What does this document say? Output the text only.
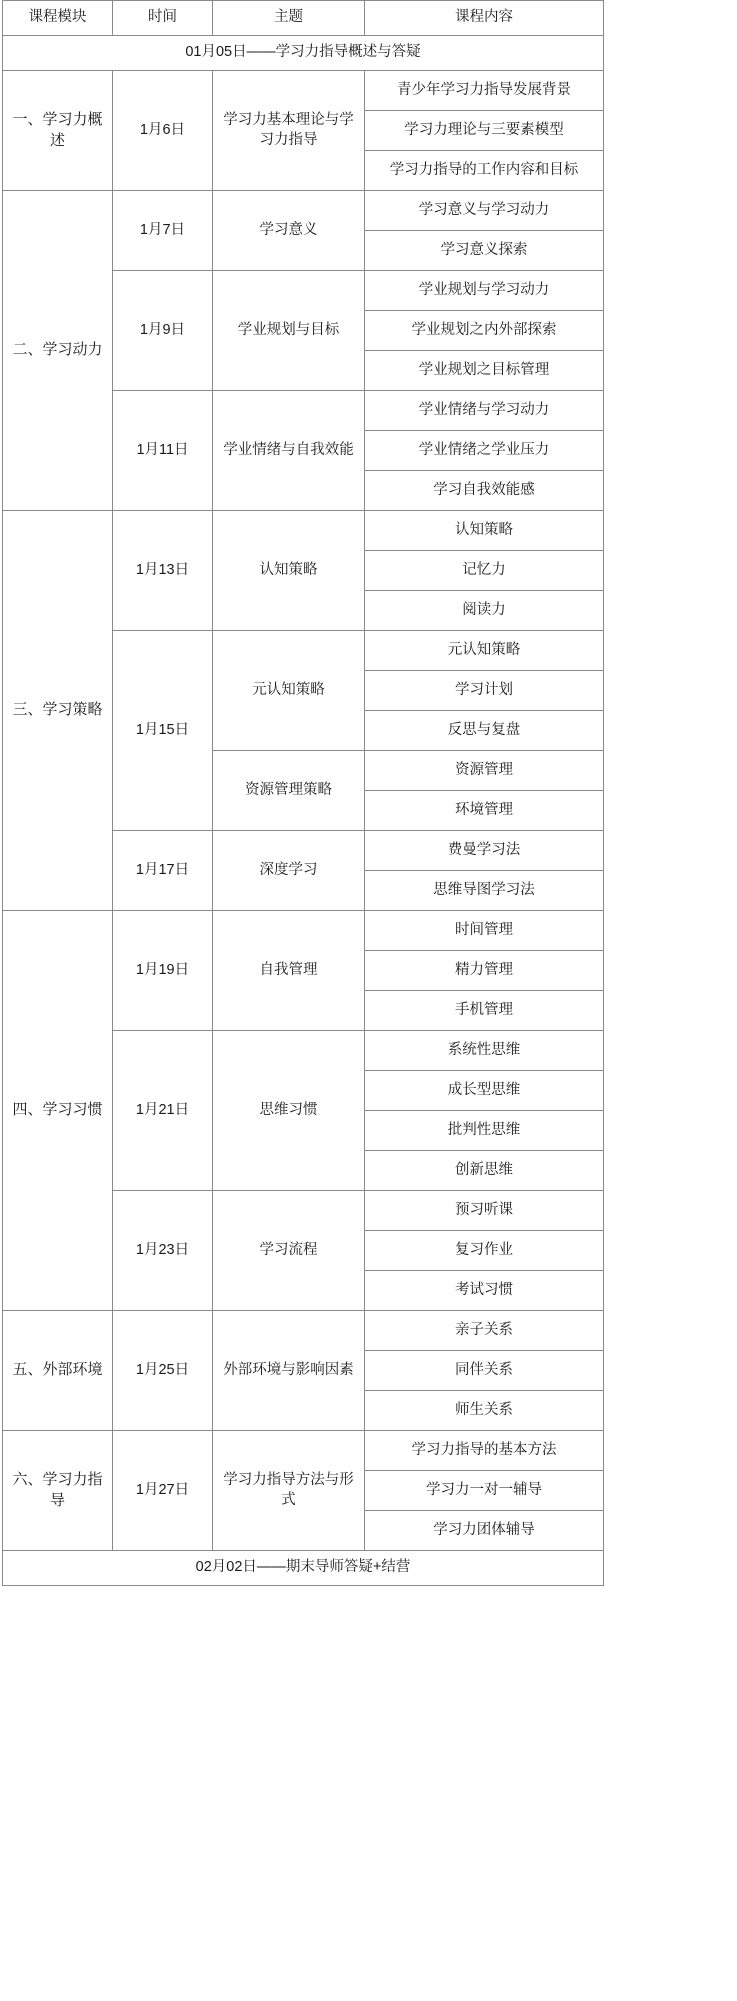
课程模块	时间	主题	课程内容
01月05日——学习力指导概述与答疑			
一、学习力概述	1月6日	学习力基本理论与学习力指导	青少年学习力指导发展背景
			学习力理论与三要素模型
			学习力指导的工作内容和目标
二、学习动力	1月7日	学习意义	学习意义与学习动力
			学习意义探索
	1月9日	学业规划与目标	学业规划与学习动力
			学业规划之内外部探索
			学业规划之目标管理
	1月11日	学业情绪与自我效能	学业情绪与学习动力
			学业情绪之学业压力
			学习自我效能感
三、学习策略	1月13日	认知策略	认知策略
			记忆力
			阅读力
	1月15日	元认知策略	元认知策略
			学习计划
			反思与复盘
		资源管理策略	资源管理
			环境管理
	1月17日	深度学习	费曼学习法
			思维导图学习法
四、学习习惯	1月19日	自我管理	时间管理
			精力管理
			手机管理
	1月21日	思维习惯	系统性思维
			成长型思维
			批判性思维
			创新思维
	1月23日	学习流程	预习听课
			复习作业
			考试习惯
五、外部环境	1月25日	外部环境与影响因素	亲子关系
			同伴关系
			师生关系
六、学习力指导	1月27日	学习力指导方法与形式	学习力指导的基本方法
			学习力一对一辅导
			学习力团体辅导
02月02日——期末导师答疑+结营			
